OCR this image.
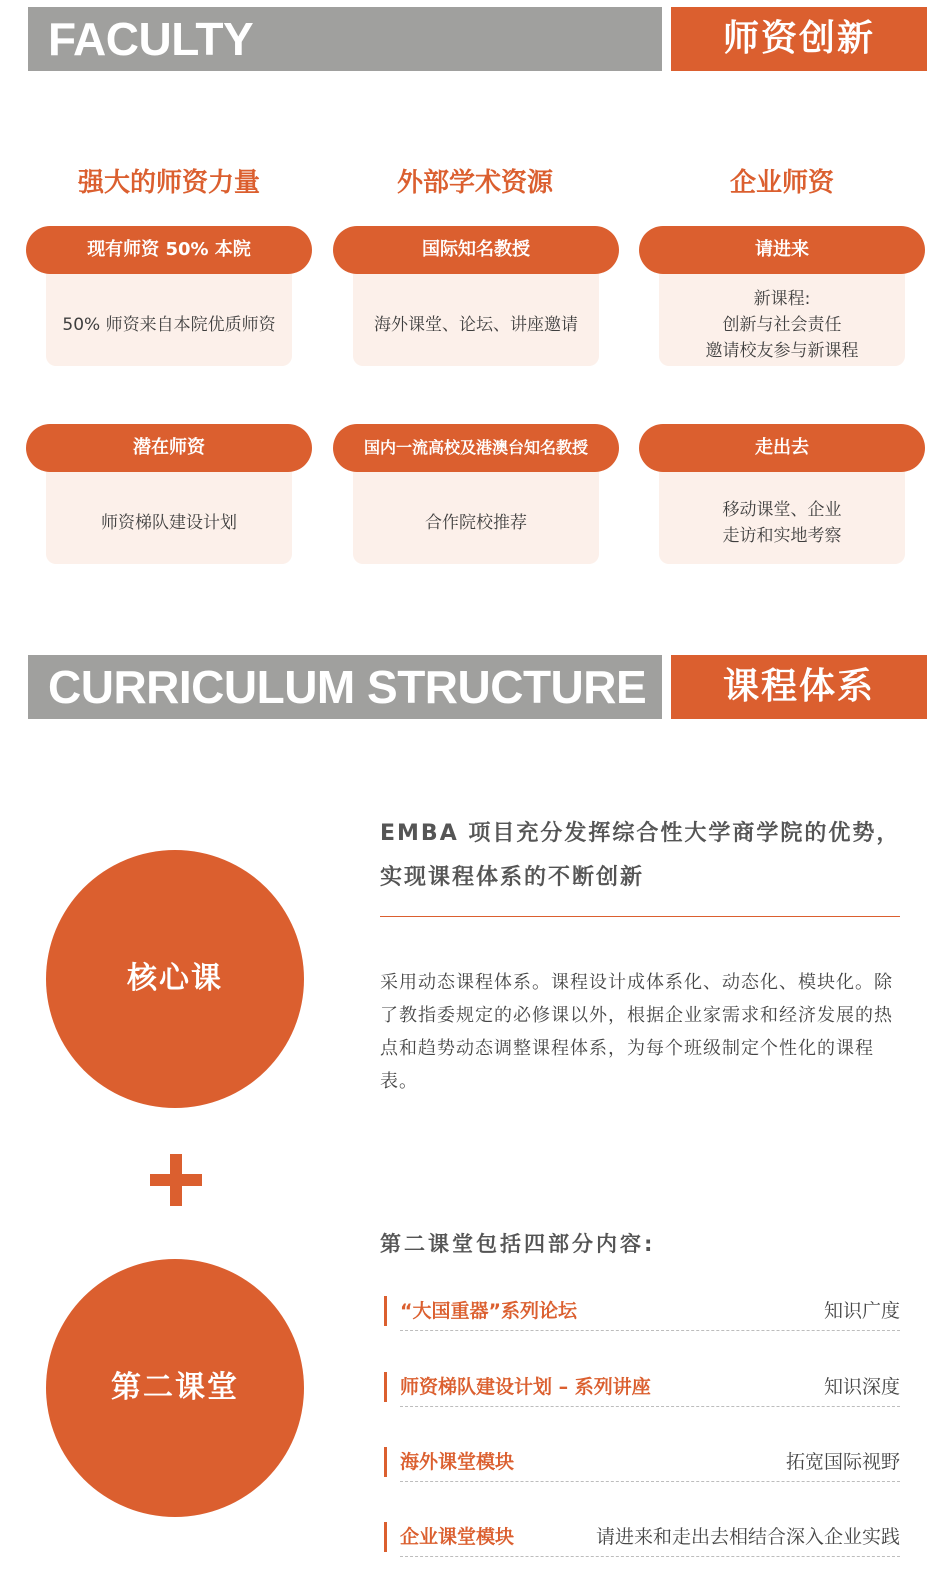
FACULTY	师资创新
强大的师资力量	外部学术资源	企业师资
50% 师资来自本院优质师资
现有师资 50% 本院
海外课堂、论坛、讲座邀请
国际知名教授
新课程:
创新与社会责任
邀请校友参与新课程
请进来
师资梯队建设计划
潜在师资
合作院校推荐
国内一流高校及港澳台知名教授
移动课堂、企业
走访和实地考察
走出去
CURRICULUM STRUCTURE	课程体系
核心课
第二课堂
EMBA 项目充分发挥综合性大学商学院的优势，实现课程体系的不断创新
采用动态课程体系。课程设计成体系化、动态化、模块化。除了教指委规定的必修课以外，根据企业家需求和经济发展的热点和趋势动态调整课程体系，为每个班级制定个性化的课程表。
第二课堂包括四部分内容:
“大国重器”系列论坛	知识广度
师资梯队建设计划 – 系列讲座	知识深度
海外课堂模块	拓宽国际视野
企业课堂模块	请进来和走出去相结合深入企业实践
